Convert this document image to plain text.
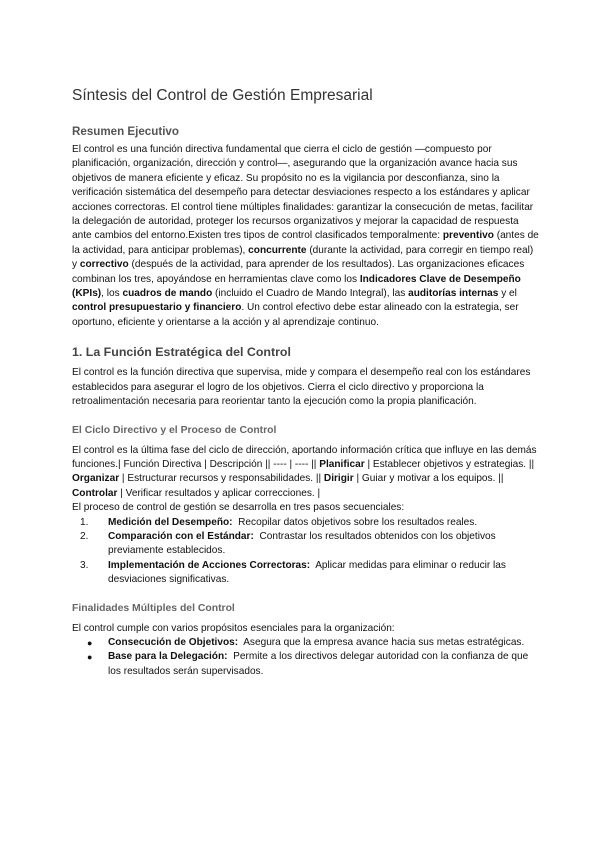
Síntesis del Control de Gestión Empresarial
Resumen Ejecutivo

El control es una función directiva fundamental que cierra el ciclo de gestión —compuesto por planificación, organización, dirección y control—, asegurando que la organización avance hacia sus objetivos de manera eficiente y eficaz. Su propósito no es la vigilancia por desconfianza, sino la verificación sistemática del desempeño para detectar desviaciones respecto a los estándares y aplicar acciones correctoras. El control tiene múltiples finalidades: garantizar la consecución de metas, facilitar la delegación de autoridad, proteger los recursos organizativos y mejorar la capacidad de respuesta ante cambios del entorno.Existen tres tipos de control clasificados temporalmente: preventivo (antes de la actividad, para anticipar problemas), concurrente (durante la actividad, para corregir en tiempo real) y correctivo (después de la actividad, para aprender de los resultados). Las organizaciones eficaces combinan los tres, apoyándose en herramientas clave como los Indicadores Clave de Desempeño (KPIs), los cuadros de mando (incluido el Cuadro de Mando Integral), las auditorías internas y el control presupuestario y financiero. Un control efectivo debe estar alineado con la estrategia, ser oportuno, eficiente y orientarse a la acción y al aprendizaje continuo.

1. La Función Estratégica del Control

El control es la función directiva que supervisa, mide y compara el desempeño real con los estándares establecidos para asegurar el logro de los objetivos. Cierra el ciclo directivo y proporciona la retroalimentación necesaria para reorientar tanto la ejecución como la propia planificación.

El Ciclo Directivo y el Proceso de Control

El control es la última fase del ciclo de dirección, aportando información crítica que influye en las demás funciones.| Función Directiva | Descripción || ---- | ---- || Planificar | Establecer objetivos y estrategias. || Organizar | Estructurar recursos y responsabilidades. || Dirigir | Guiar y motivar a los equipos. || Controlar | Verificar resultados y aplicar correcciones. |

El proceso de control de gestión se desarrolla en tres pasos secuenciales:

1. Medición del Desempeño: Recopilar datos objetivos sobre los resultados reales.
2. Comparación con el Estándar: Contrastar los resultados obtenidos con los objetivos previamente establecidos.
3. Implementación de Acciones Correctoras: Aplicar medidas para eliminar o reducir las desviaciones significativas.
Finalidades Múltiples del Control

El control cumple con varios propósitos esenciales para la organización:

● Consecución de Objetivos: Asegura que la empresa avance hacia sus metas estratégicas.
● Base para la Delegación: Permite a los directivos delegar autoridad con la confianza de que los resultados serán supervisados.
